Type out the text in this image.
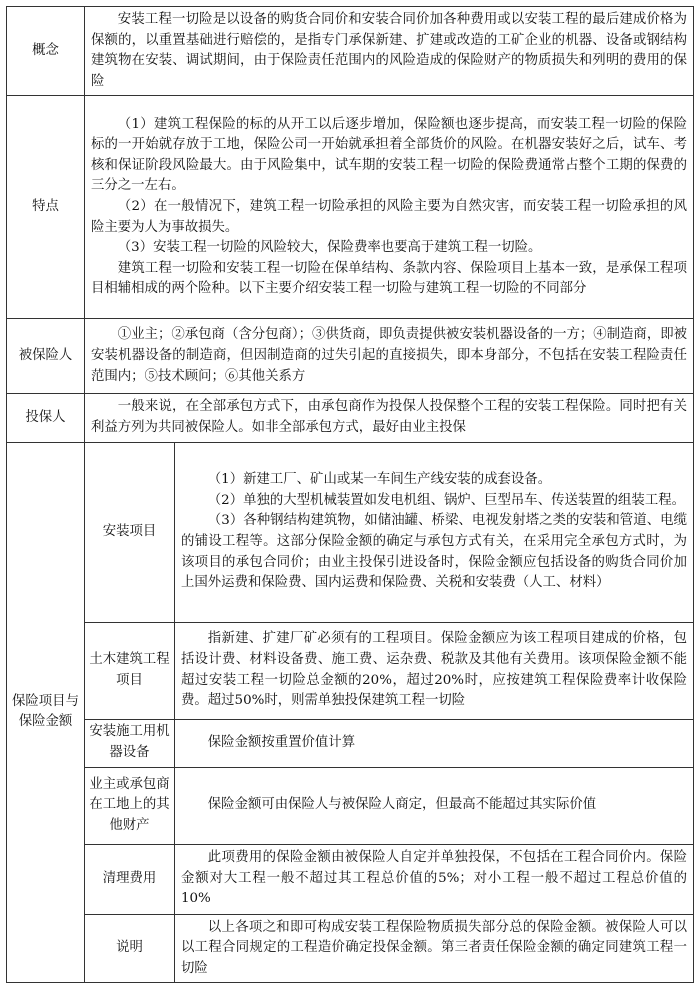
概念	安装工程一切险是以设备的购货合同价和安装合同价加各种费用或以安装工程的最后建成价格为保额的，以重置基础进行赔偿的，是指专门承保新建、扩建或改造的工矿企业的机器、设备或钢结构建筑物在安装、调试期间，由于保险责任范围内的风险造成的保险财产的物质损失和列明的费用的保险	

特点	（1）建筑工程保险的标的从开工以后逐步增加，保险额也逐步提高，而安装工程一切险的保险标的一开始就存放于工地，保险公司一开始就承担着全部货价的风险。在机器安装好之后，试车、考核和保证阶段风险最大。由于风险集中，试车期的安装工程一切险的保险费通常占整个工期的保费的三分之一左右。

（2）在一般情况下，建筑工程一切险承担的风险主要为自然灾害，而安装工程一切险承担的风险主要为人为事故损失。

（3）安装工程一切险的风险较大，保险费率也要高于建筑工程一切险。

建筑工程一切险和安装工程一切险在保单结构、条款内容、保险项目上基本一致，是承保工程项目相辅相成的两个险种。以下主要介绍安装工程一切险与建筑工程一切险的不同部分	

被保险人	①业主；②承包商（含分包商）；③供货商，即负责提供被安装机器设备的一方；④制造商，即被安装机器设备的制造商，但因制造商的过失引起的直接损失，即本身部分，不包括在安装工程险责任范围内；⑤技术顾问；⑥其他关系方	

投保人	一般来说，在全部承包方式下，由承包商作为投保人投保整个工程的安装工程保险。同时把有关利益方列为共同被保险人。如非全部承包方式，最好由业主投保	

保险项目与保险金额	安装项目	（1）新建工厂、矿山或某一车间生产线安装的成套设备。

（2）单独的大型机械装置如发电机组、锅炉、巨型吊车、传送装置的组装工程。

（3）各种钢结构建筑物，如储油罐、桥梁、电视发射塔之类的安装和管道、电缆的铺设工程等。这部分保险金额的确定与承包方式有关，在采用完全承包方式时，为该项目的承包合同价；由业主投保引进设备时，保险金额应包括设备的购货合同价加上国外运费和保险费、国内运费和保险费、关税和安装费（人工、材料）

	土木建筑工程项目	指新建、扩建厂矿必须有的工程项目。保险金额应为该工程项目建成的价格，包括设计费、材料设备费、施工费、运杂费、税款及其他有关费用。该项保险金额不能超过安装工程一切险总金额的20%，超过20%时，应按建筑工程保险费率计收保险费。超过50%时，则需单独投保建筑工程一切险

	安装施工用机器设备	保险金额按重置价值计算

	业主或承包商在工地上的其他财产	保险金额可由保险人与被保险人商定，但最高不能超过其实际价值

	清理费用	此项费用的保险金额由被保险人自定并单独投保，不包括在工程合同价内。保险金额对大工程一般不超过其工程总价值的5%；对小工程一般不超过工程总价值的10%

	说明	以上各项之和即可构成安装工程保险物质损失部分总的保险金额。被保险人可以以工程合同规定的工程造价确定投保金额。第三者责任保险金额的确定同建筑工程一切险
